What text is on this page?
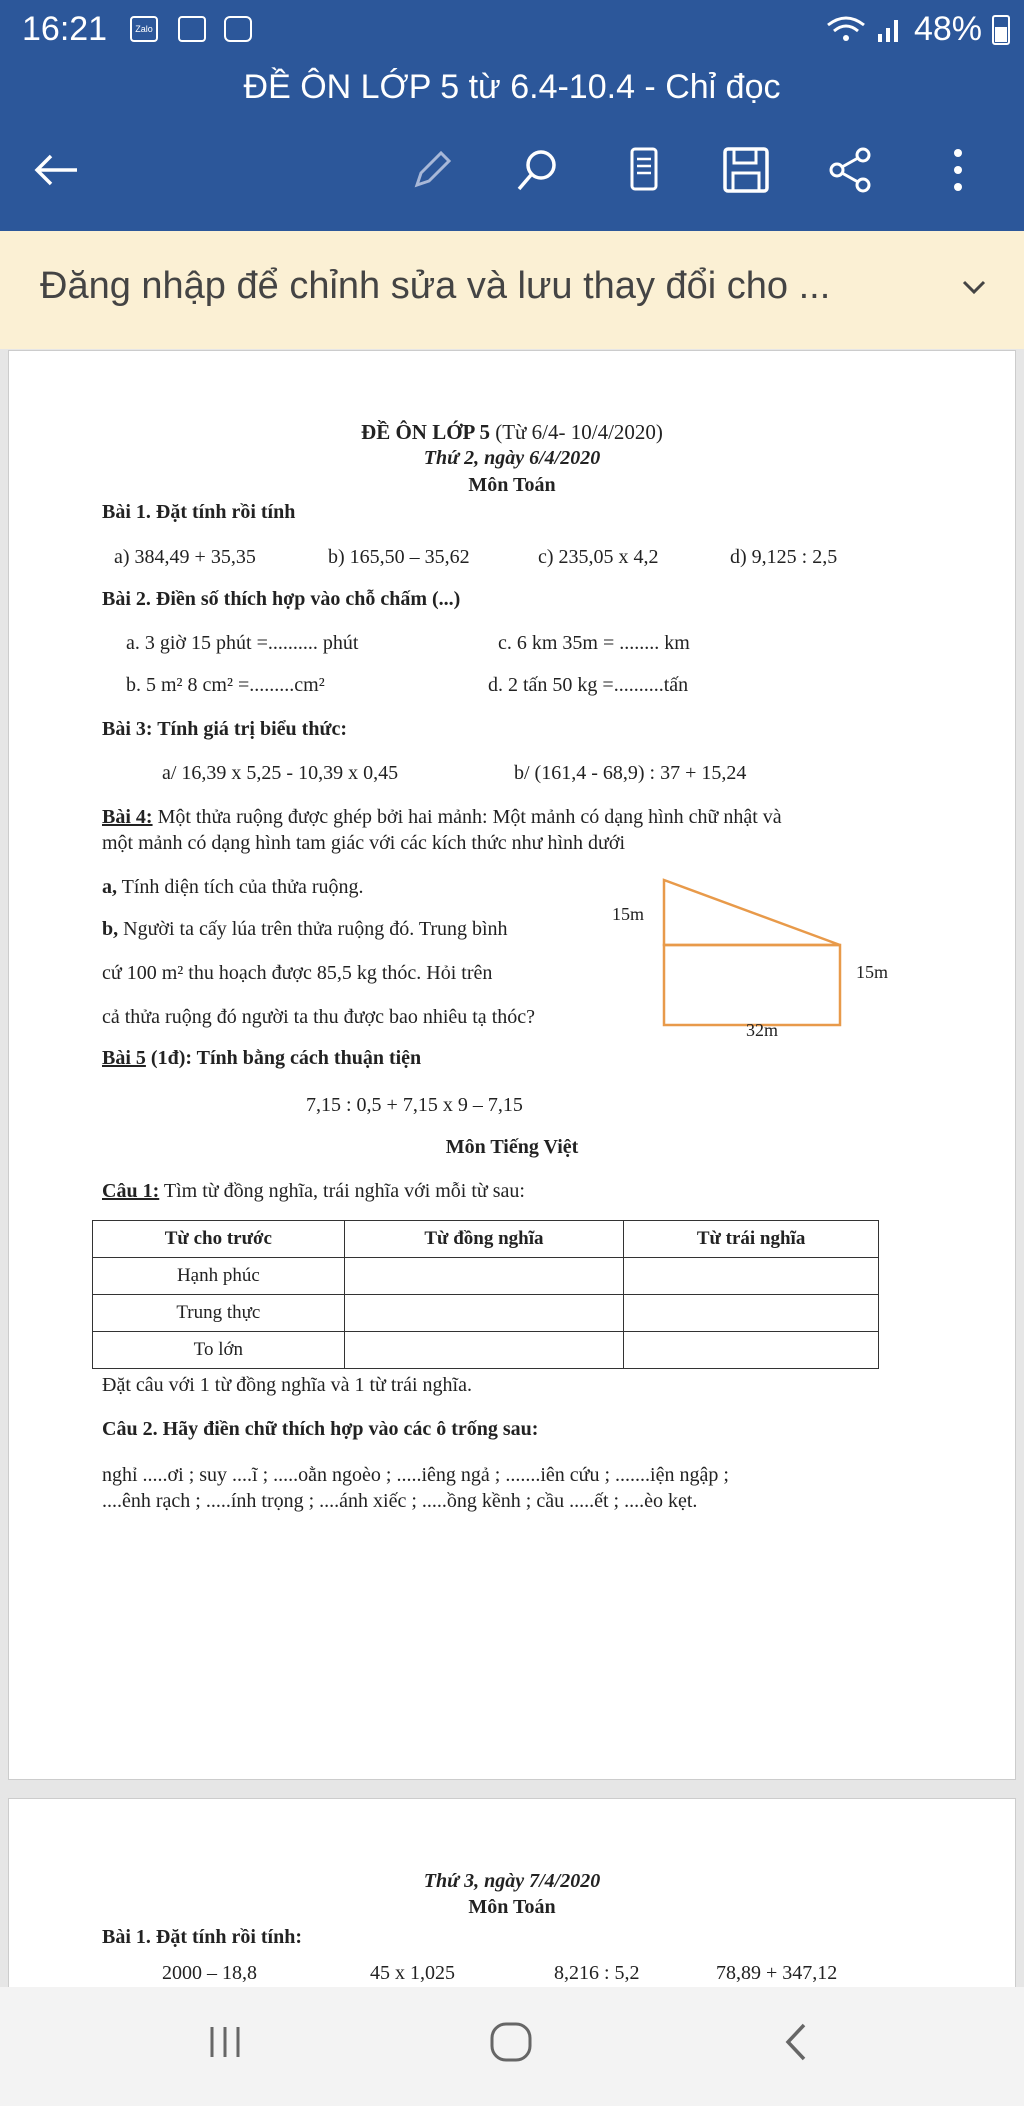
16:21	Zalo	48%
ĐỀ ÔN LỚP 5 từ 6.4-10.4 - Chỉ đọc
Đăng nhập để chỉnh sửa và lưu thay đổi cho ...
ĐỀ ÔN LỚP 5 (Từ 6/4- 10/4/2020)
Thứ 2, ngày 6/4/2020
Môn Toán
Bài 1. Đặt tính rồi tính
a) 384,49 + 35,35	b) 165,50 – 35,62	c) 235,05 x 4,2	d) 9,125 : 2,5
Bài 2. Điền số thích hợp vào chỗ chấm (...)
a. 3 giờ 15 phút =.......... phút	c. 6 km 35m = ........ km
b. 5 m² 8 cm² =.........cm²	d. 2 tấn 50 kg =..........tấn
Bài 3: Tính giá trị biểu thức:
a/ 16,39 x 5,25 - 10,39 x 0,45	b/ (161,4 - 68,9) : 37 + 15,24
Bài 4: Một thửa ruộng được ghép bởi hai mảnh: Một mảnh có dạng hình chữ nhật và
một mảnh có dạng hình tam giác với các kích thức như hình dưới
a, Tính diện tích của thửa ruộng.
b, Người ta cấy lúa trên thửa ruộng đó. Trung bình
cứ 100 m² thu hoạch được 85,5 kg thóc. Hỏi trên
cả thửa ruộng đó người ta thu được bao nhiêu tạ thóc?
15m
15m
32m
Bài 5 (1đ): Tính bằng cách thuận tiện
7,15 : 0,5 + 7,15 x 9 – 7,15
Môn Tiếng Việt
Câu 1: Tìm từ đồng nghĩa, trái nghĩa với mỗi từ sau:
Từ cho trước	Từ đồng nghĩa	Từ trái nghĩa
Hạnh phúc		
Trung thực		
To lớn		
Đặt câu với 1 từ đồng nghĩa và 1 từ trái nghĩa.
Câu 2. Hãy điền chữ thích hợp vào các ô trống sau:
nghỉ .....ơi ; suy ....ĩ ; .....oằn ngoèo ; .....iêng ngả ; .......iên cứu ; .......iện ngập ;
....ênh rạch ; .....ính trọng ; ....ánh xiếc ; .....ồng kềnh ; cầu .....ết ; ....èo kẹt.
Thứ 3, ngày 7/4/2020
Môn Toán
Bài 1. Đặt tính rồi tính:
2000 – 18,8	45 x 1,025	8,216 : 5,2	78,89 + 347,12
